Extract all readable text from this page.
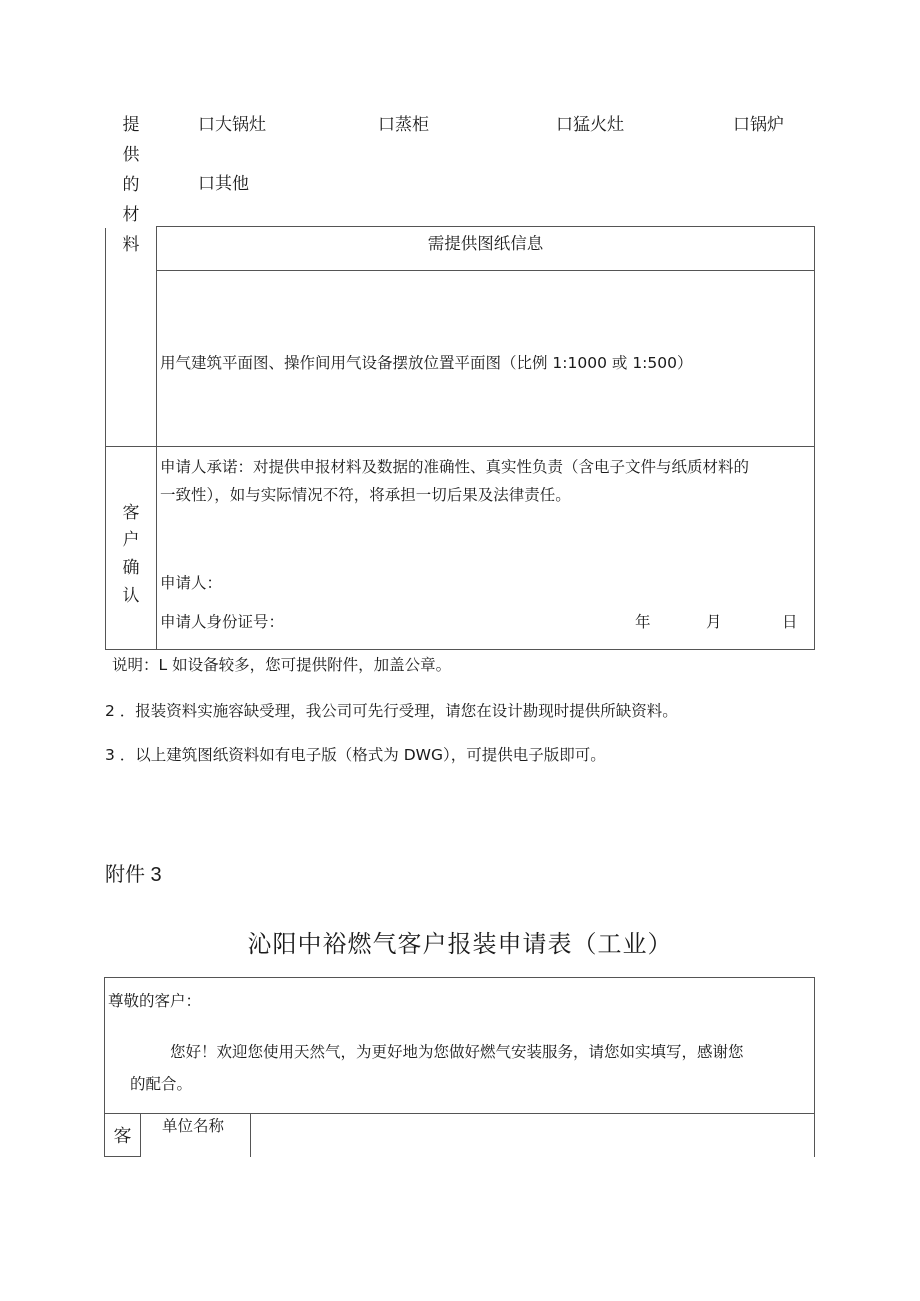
提
供
的
材
料
口大锅灶	口蒸柜	口猛火灶	口锅炉
口其他
需提供图纸信息
用气建筑平面图、操作间用气设备摆放位置平面图（比例 1:1000 或 1:500）
客
户
确
认
申请人承诺：对提供申报材料及数据的准确性、真实性负责（含电子文件与纸质材料的
一致性），如与实际情况不符，将承担一切后果及法律责任。
申请人：
申请人身份证号：	年	月	日
说明：L 如设备较多，您可提供附件，加盖公章。
2 ．报装资料实施容缺受理，我公司可先行受理，请您在设计勘现时提供所缺资料。
3 ．以上建筑图纸资料如有电子版（格式为 DWG），可提供电子版即可。
附件 3
沁阳中裕燃气客户报装申请表（工业）
尊敬的客户：
您好！欢迎您使用天然气，为更好地为您做好燃气安装服务，请您如实填写，感谢您
的配合。
客	单位名称
